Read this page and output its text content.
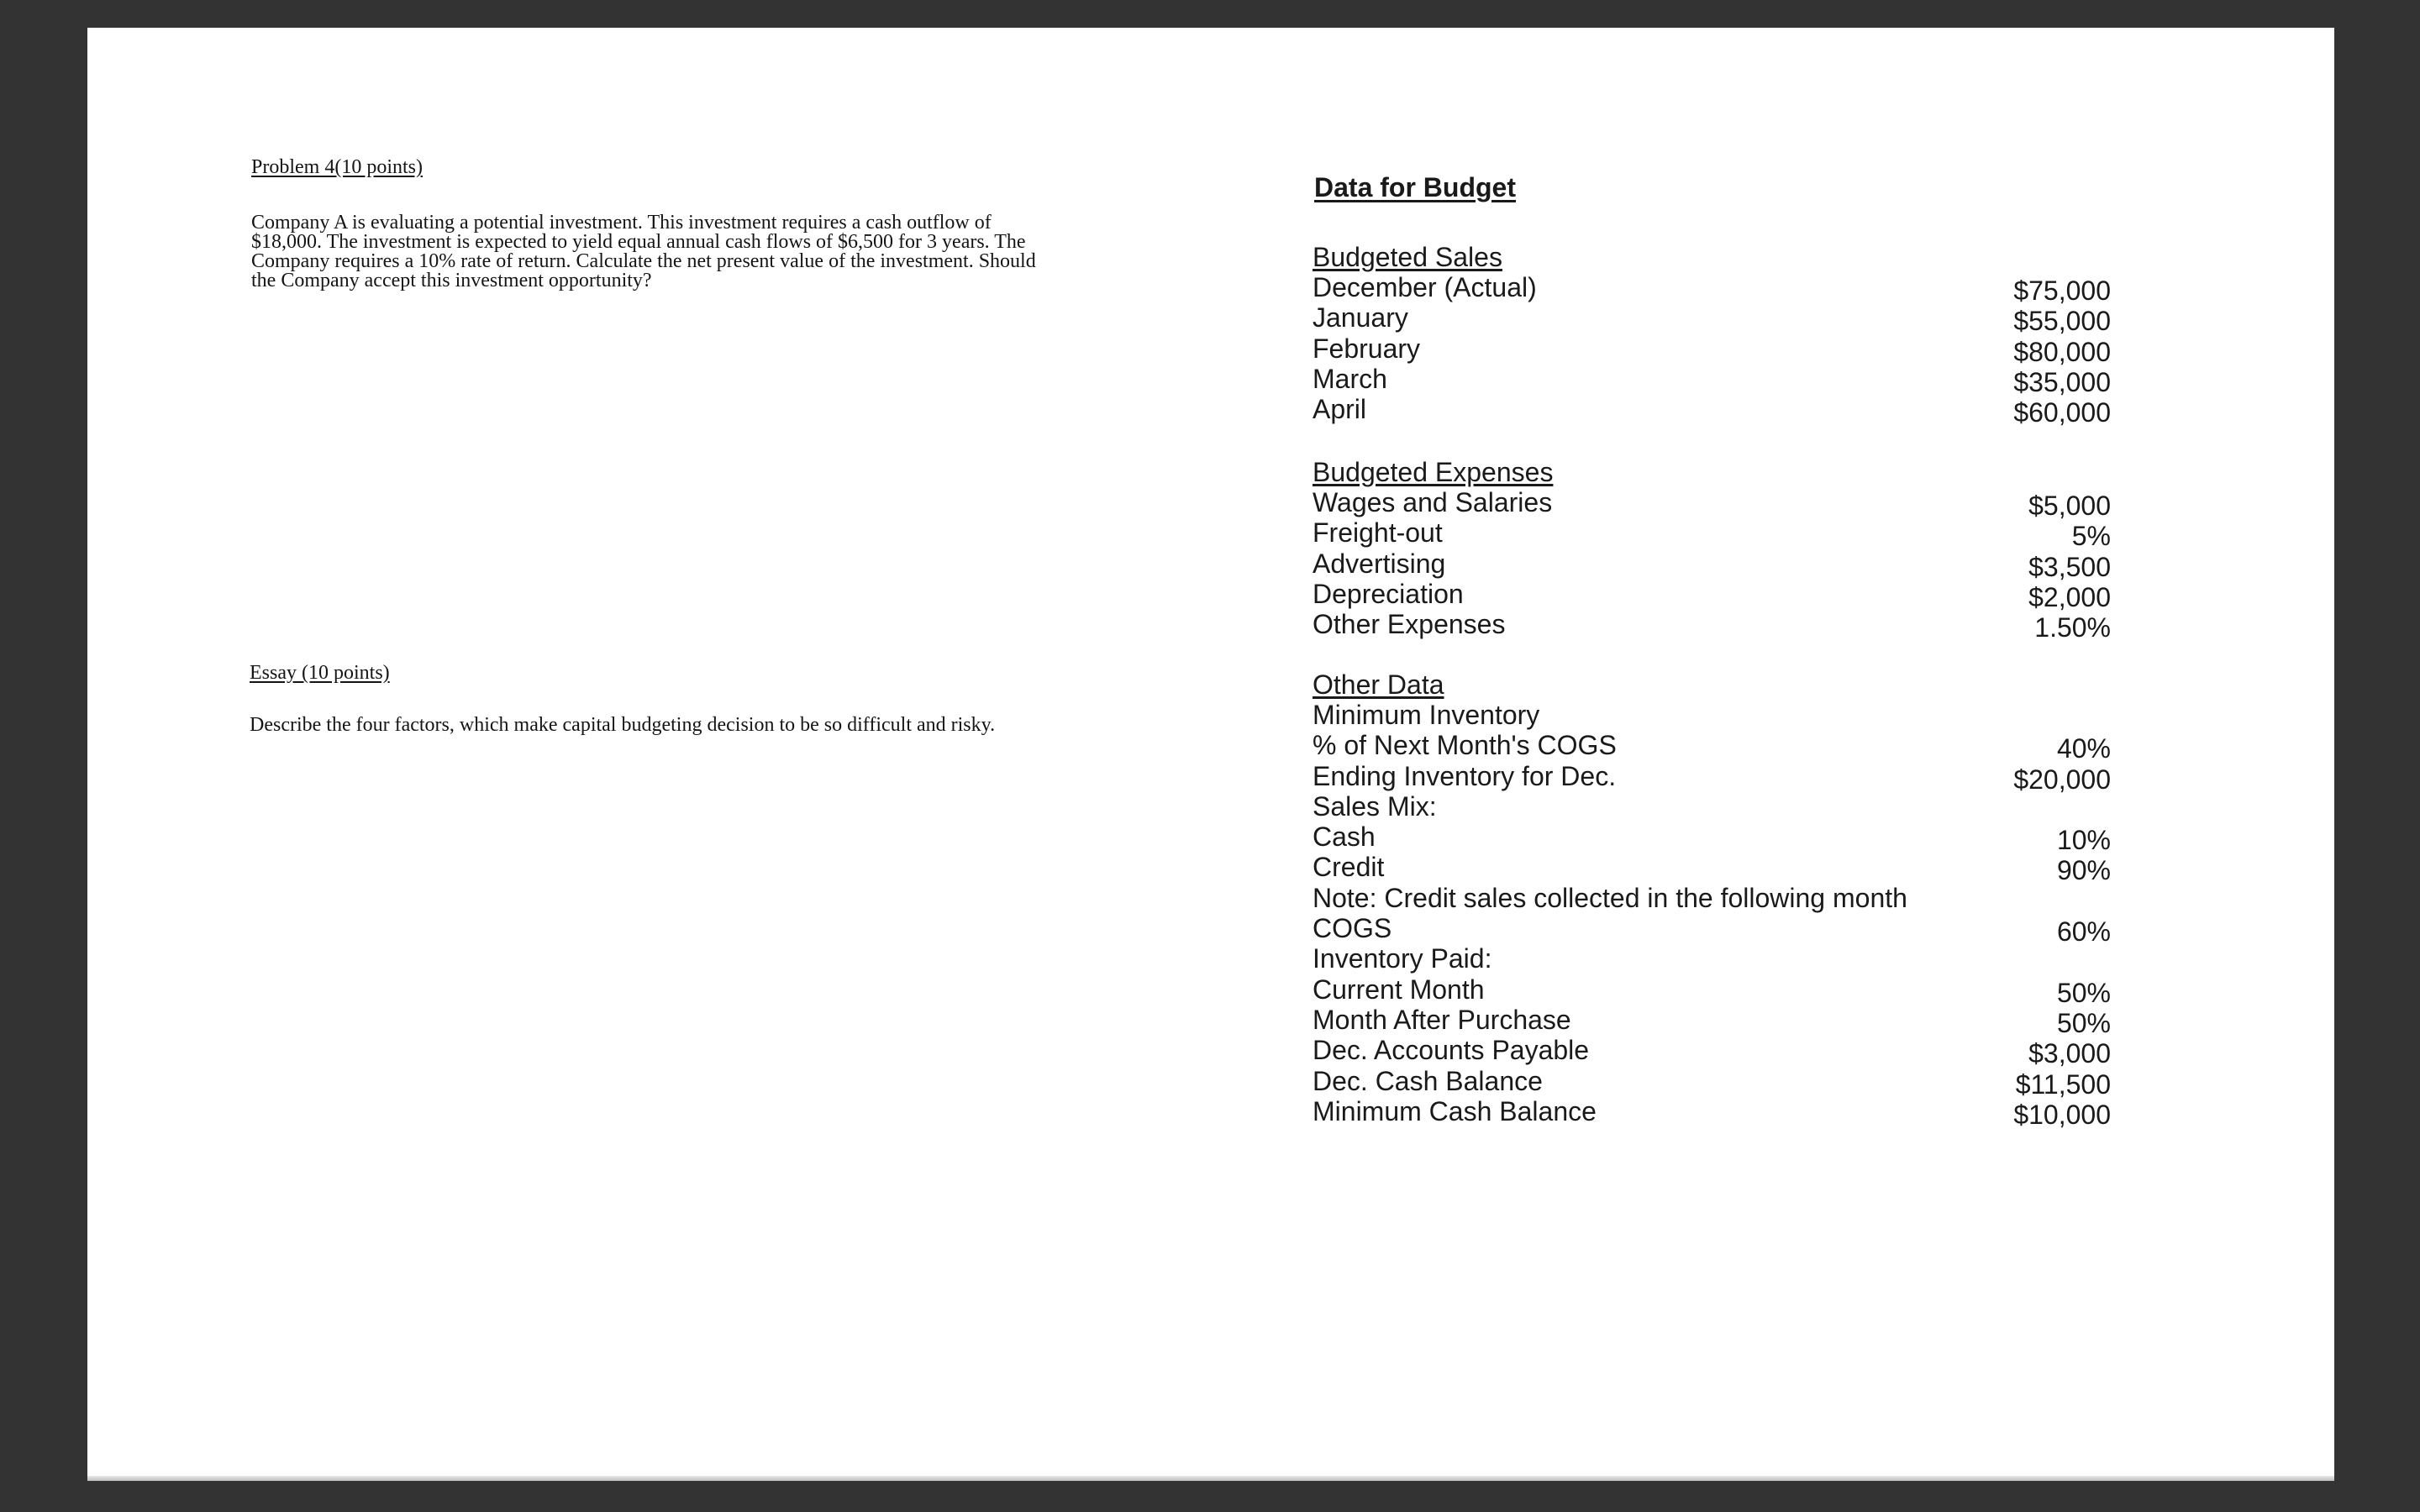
Problem 4(10 points)

Company A is evaluating a potential investment. This investment requires a cash outflow of $18,000. The investment is expected to yield equal annual cash flows of $6,500 for 3 years. The Company requires a 10% rate of return. Calculate the net present value of the investment. Should the Company accept this investment opportunity?

Essay (10 points)

Describe the four factors, which make capital budgeting decision to be so difficult and risky.

Data for Budget
Budgeted Sales
December (Actual)	$75,000
January	$55,000
February	$80,000
March	$35,000
April	$60,000
Budgeted Expenses
Wages and Salaries	$5,000
Freight-out	5%
Advertising	$3,500
Depreciation	$2,000
Other Expenses	1.50%
Other Data
Minimum Inventory
% of Next Month's COGS	40%
Ending Inventory for Dec.	$20,000
Sales Mix:
Cash	10%
Credit	90%
Note: Credit sales collected in the following month
COGS	60%
Inventory Paid:
Current Month	50%
Month After Purchase	50%
Dec. Accounts Payable	$3,000
Dec. Cash Balance	$11,500
Minimum Cash Balance	$10,000
